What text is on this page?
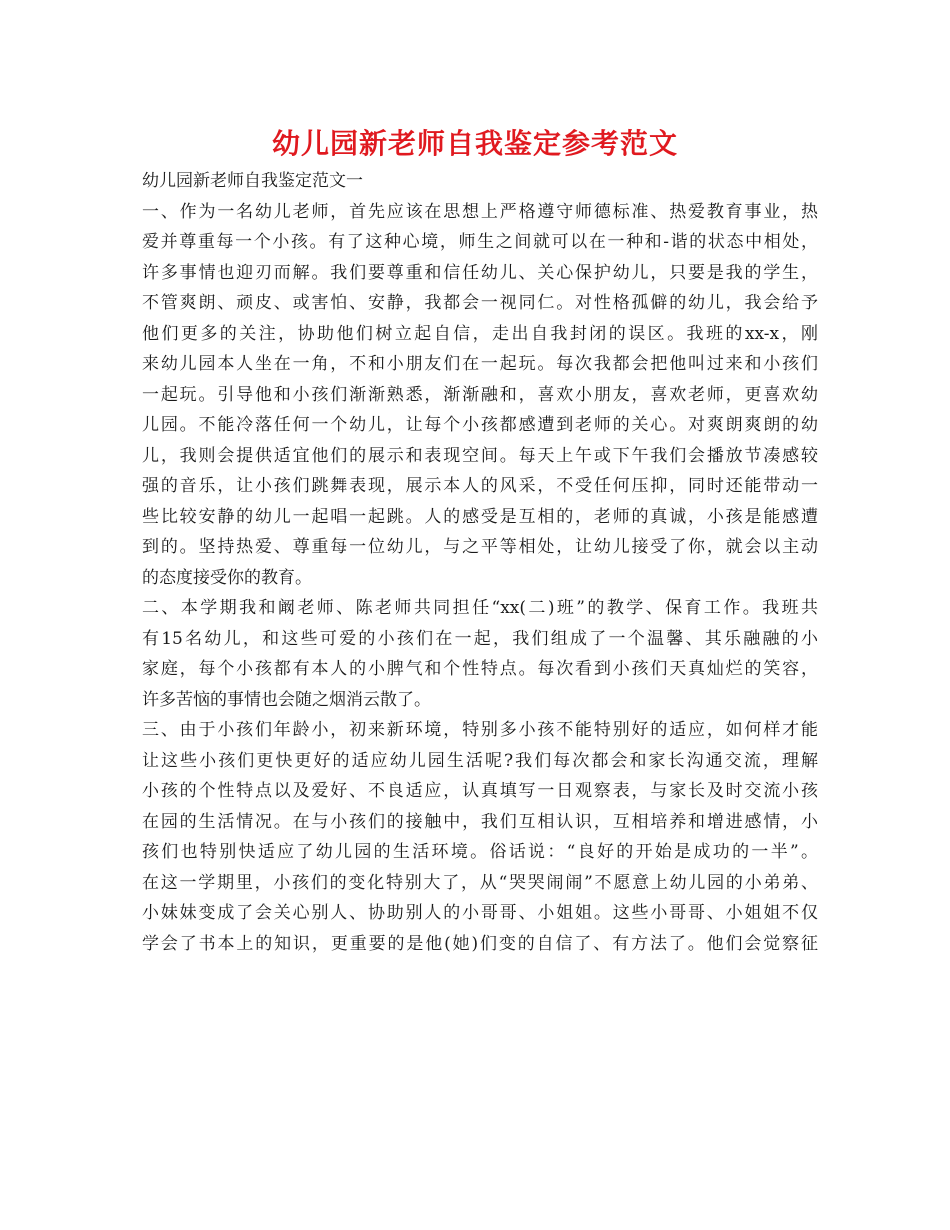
幼儿园新老师自我鉴定参考范文
幼儿园新老师自我鉴定范文一
一、作为一名幼儿老师，首先应该在思想上严格遵守师德标准、热爱教育事业，热
爱并尊重每一个小孩。有了这种心境，师生之间就可以在一种和-谐的状态中相处，
许多事情也迎刃而解。我们要尊重和信任幼儿、关心保护幼儿，只要是我的学生，
不管爽朗、顽皮、或害怕、安静，我都会一视同仁。对性格孤僻的幼儿，我会给予
他们更多的关注，协助他们树立起自信，走出自我封闭的误区。我班的xx-x，刚
来幼儿园本人坐在一角，不和小朋友们在一起玩。每次我都会把他叫过来和小孩们
一起玩。引导他和小孩们渐渐熟悉，渐渐融和，喜欢小朋友，喜欢老师，更喜欢幼
儿园。不能冷落任何一个幼儿，让每个小孩都感遭到老师的关心。对爽朗爽朗的幼
儿，我则会提供适宜他们的展示和表现空间。每天上午或下午我们会播放节凑感较
强的音乐，让小孩们跳舞表现，展示本人的风采，不受任何压抑，同时还能带动一
些比较安静的幼儿一起唱一起跳。人的感受是互相的，老师的真诚，小孩是能感遭
到的。坚持热爱、尊重每一位幼儿，与之平等相处，让幼儿接受了你，就会以主动
的态度接受你的教育。
二、本学期我和阚老师、陈老师共同担任“xx(二)班”的教学、保育工作。我班共
有15名幼儿，和这些可爱的小孩们在一起，我们组成了一个温馨、其乐融融的小
家庭，每个小孩都有本人的小脾气和个性特点。每次看到小孩们天真灿烂的笑容，
许多苦恼的事情也会随之烟消云散了。
三、由于小孩们年龄小，初来新环境，特别多小孩不能特别好的适应，如何样才能
让这些小孩们更快更好的适应幼儿园生活呢?我们每次都会和家长沟通交流，理解
小孩的个性特点以及爱好、不良适应，认真填写一日观察表，与家长及时交流小孩
在园的生活情况。在与小孩们的接触中，我们互相认识，互相培养和增进感情，小
孩们也特别快适应了幼儿园的生活环境。俗话说：“良好的开始是成功的一半”。
在这一学期里，小孩们的变化特别大了，从“哭哭闹闹”不愿意上幼儿园的小弟弟、
小妹妹变成了会关心别人、协助别人的小哥哥、小姐姐。这些小哥哥、小姐姐不仅
学会了书本上的知识，更重要的是他(她)们变的自信了、有方法了。他们会觉察征
